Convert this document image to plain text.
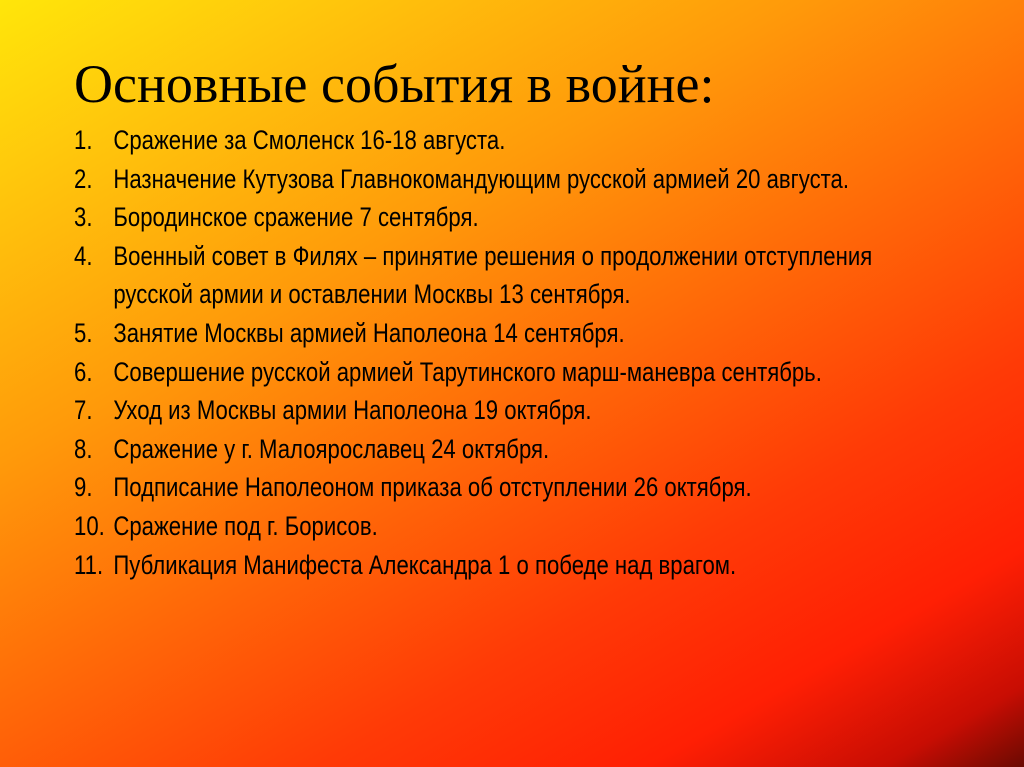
Основные события в войне:
1. Сражение за Смоленск 16-18 августа.
2. Назначение Кутузова Главнокомандующим русской армией 20 августа.
3. Бородинское сражение 7 сентября.
4. Военный совет в Филях – принятие решения о продолжении отступления русской армии и оставлении Москвы 13 сентября.
5. Занятие Москвы армией Наполеона 14 сентября.
6. Совершение русской армией Тарутинского марш-маневра сентябрь.
7. Уход из Москвы армии Наполеона 19 октября.
8. Сражение у г. Малоярославец 24 октября.
9. Подписание Наполеоном приказа об отступлении 26 октября.
10. Сражение под г. Борисов.
11. Публикация Манифеста Александра 1 о победе над врагом.
